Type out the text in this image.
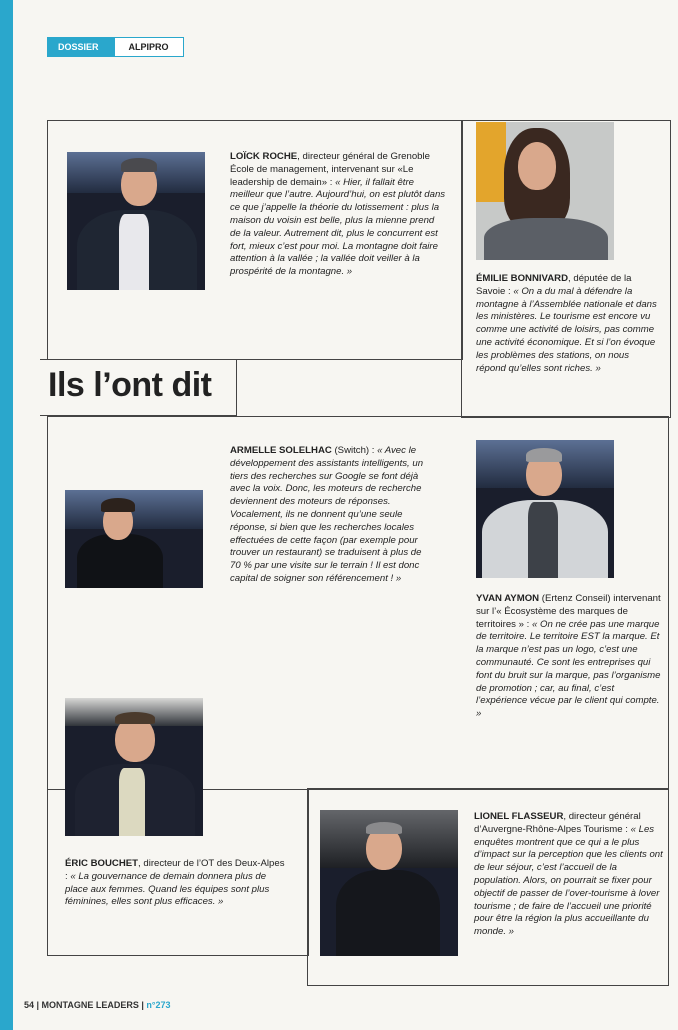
DOSSIER	ALPIPRO
Ils l’ont dit
LOÏCK ROCHE, directeur général de Grenoble École de management, intervenant sur «Le leadership de demain» : « Hier, il fallait être meilleur que l’autre. Aujourd’hui, on est plutôt dans ce que j’appelle la théorie du lotissement : plus la maison du voisin est belle, plus la mienne prend de la valeur. Autrement dit, plus le concurrent est fort, mieux c’est pour moi. La montagne doit faire attention à la vallée ; la vallée doit veiller à la prospérité de la montagne. »
ÉMILIE BONNIVARD, députée de la Savoie : « On a du mal à défendre la montagne à l’Assemblée nationale et dans les ministères. Le tourisme est encore vu comme une activité de loisirs, pas comme une activité économique. Et si l’on évoque les problèmes des stations, on nous répond qu’elles sont riches. »
ARMELLE SOLELHAC (Switch) : « Avec le développement des assistants intelligents, un tiers des recherches sur Google se font déjà avec la voix. Donc, les moteurs de recherche deviennent des moteurs de réponses. Vocalement, ils ne donnent qu’une seule réponse, si bien que les recherches locales effectuées de cette façon (par exemple pour trouver un restaurant) se traduisent à plus de 70 % par une visite sur le terrain ! Il est donc capital de soigner son référencement ! »
YVAN AYMON (Ertenz Conseil) intervenant sur l’« Écosystème des marques de territoires » : « On ne crée pas une marque de territoire. Le territoire EST la marque. Et la marque n’est pas un logo, c’est une communauté. Ce sont les entreprises qui font du bruit sur la marque, pas l’organisme de promotion ; car, au final, c’est l’expérience vécue par le client qui compte. »
ÉRIC BOUCHET, directeur de l’OT des Deux-Alpes : « La gouvernance de demain donnera plus de place aux femmes. Quand les équipes sont plus féminines, elles sont plus efficaces. »
LIONEL FLASSEUR, directeur général d’Auvergne-Rhône-Alpes Tourisme : « Les enquêtes montrent que ce qui a le plus d’impact sur la perception que les clients ont de leur séjour, c’est l’accueil de la population. Alors, on pourrait se fixer pour objectif de passer de l’over-tourisme à lover tourisme ; de faire de l’accueil une priorité pour être la région la plus accueillante du monde. »
54 | MONTAGNE LEADERS | n°273
